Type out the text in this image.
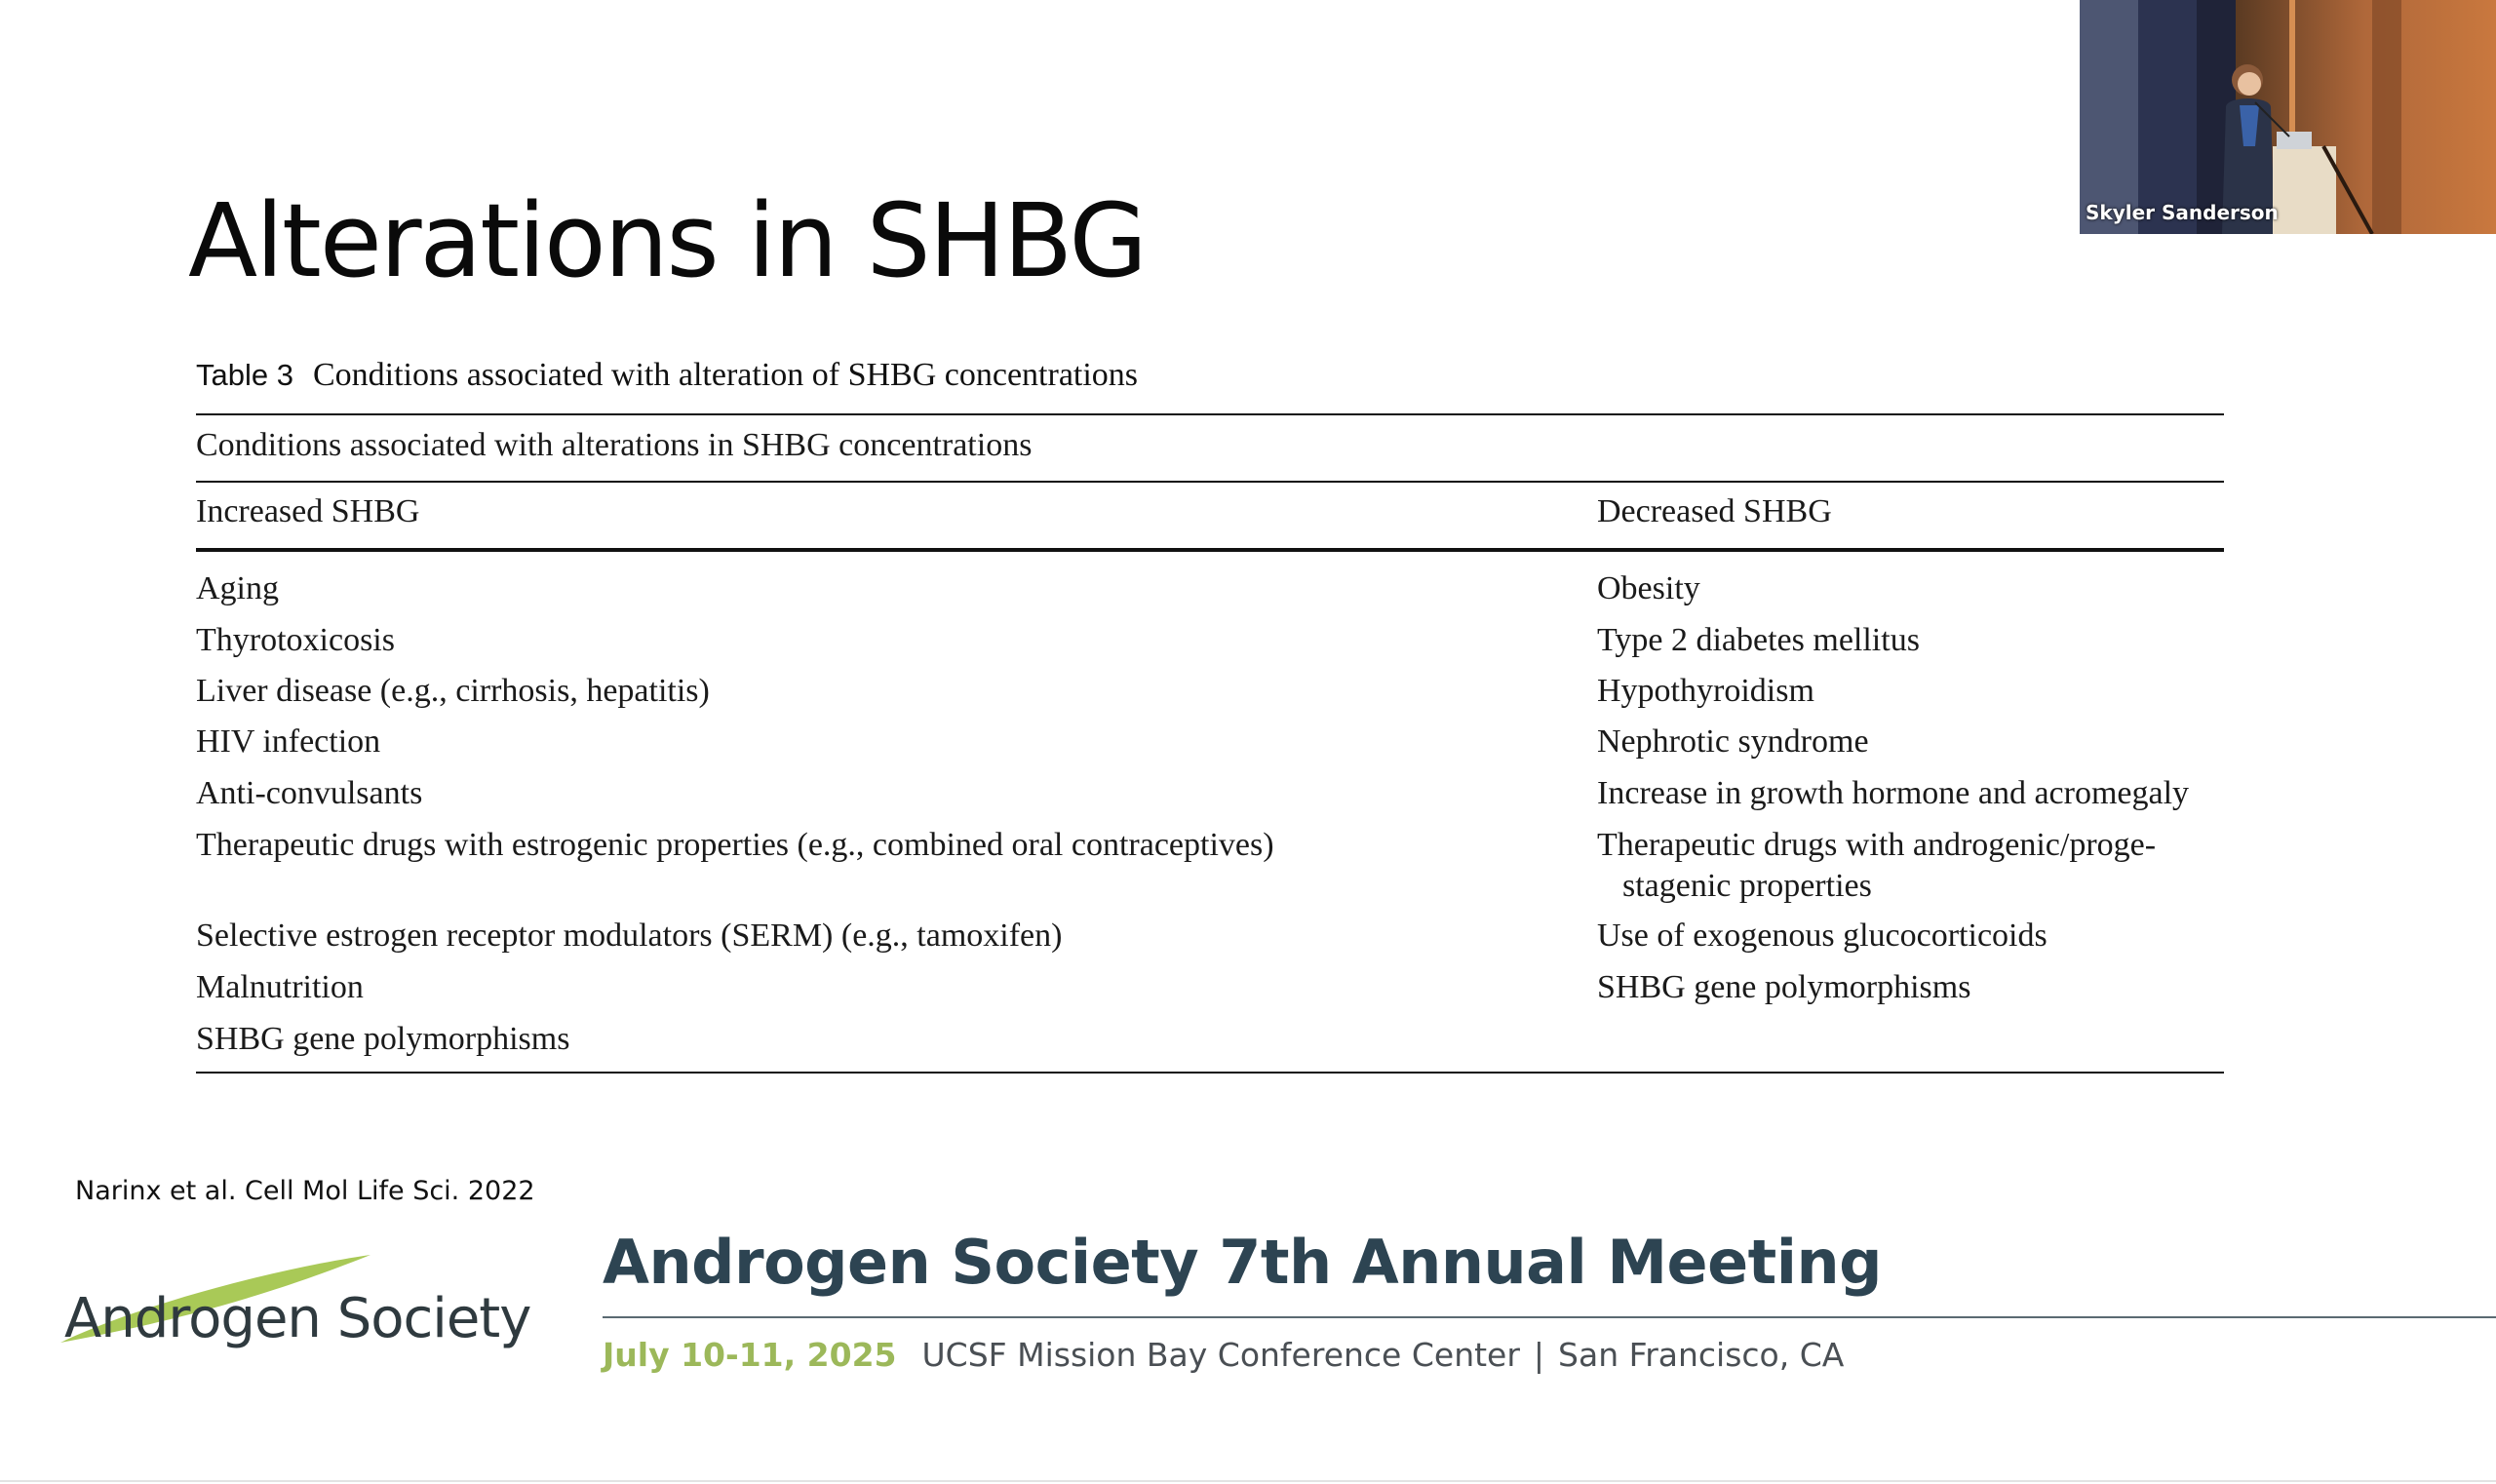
Alterations in SHBG
Table 3 Conditions associated with alteration of SHBG concentrations
Conditions associated with alterations in SHBG concentrations
Increased SHBG	Decreased SHBG
Aging
Thyrotoxicosis
Liver disease (e.g., cirrhosis, hepatitis)
HIV infection
Anti-convulsants
Therapeutic drugs with estrogenic properties (e.g., combined oral contraceptives)
Selective estrogen receptor modulators (SERM) (e.g., tamoxifen)
Malnutrition
SHBG gene polymorphisms
Obesity
Type 2 diabetes mellitus
Hypothyroidism
Nephrotic syndrome
Increase in growth hormone and acromegaly
Therapeutic drugs with androgenic/proge-stagenic properties
Use of exogenous glucocorticoids
SHBG gene polymorphisms
Narinx et al. Cell Mol Life Sci. 2022
Androgen Society
Androgen Society 7th Annual Meeting
July 10-11, 2025 UCSF Mission Bay Conference Center | San Francisco, CA
Skyler Sanderson
